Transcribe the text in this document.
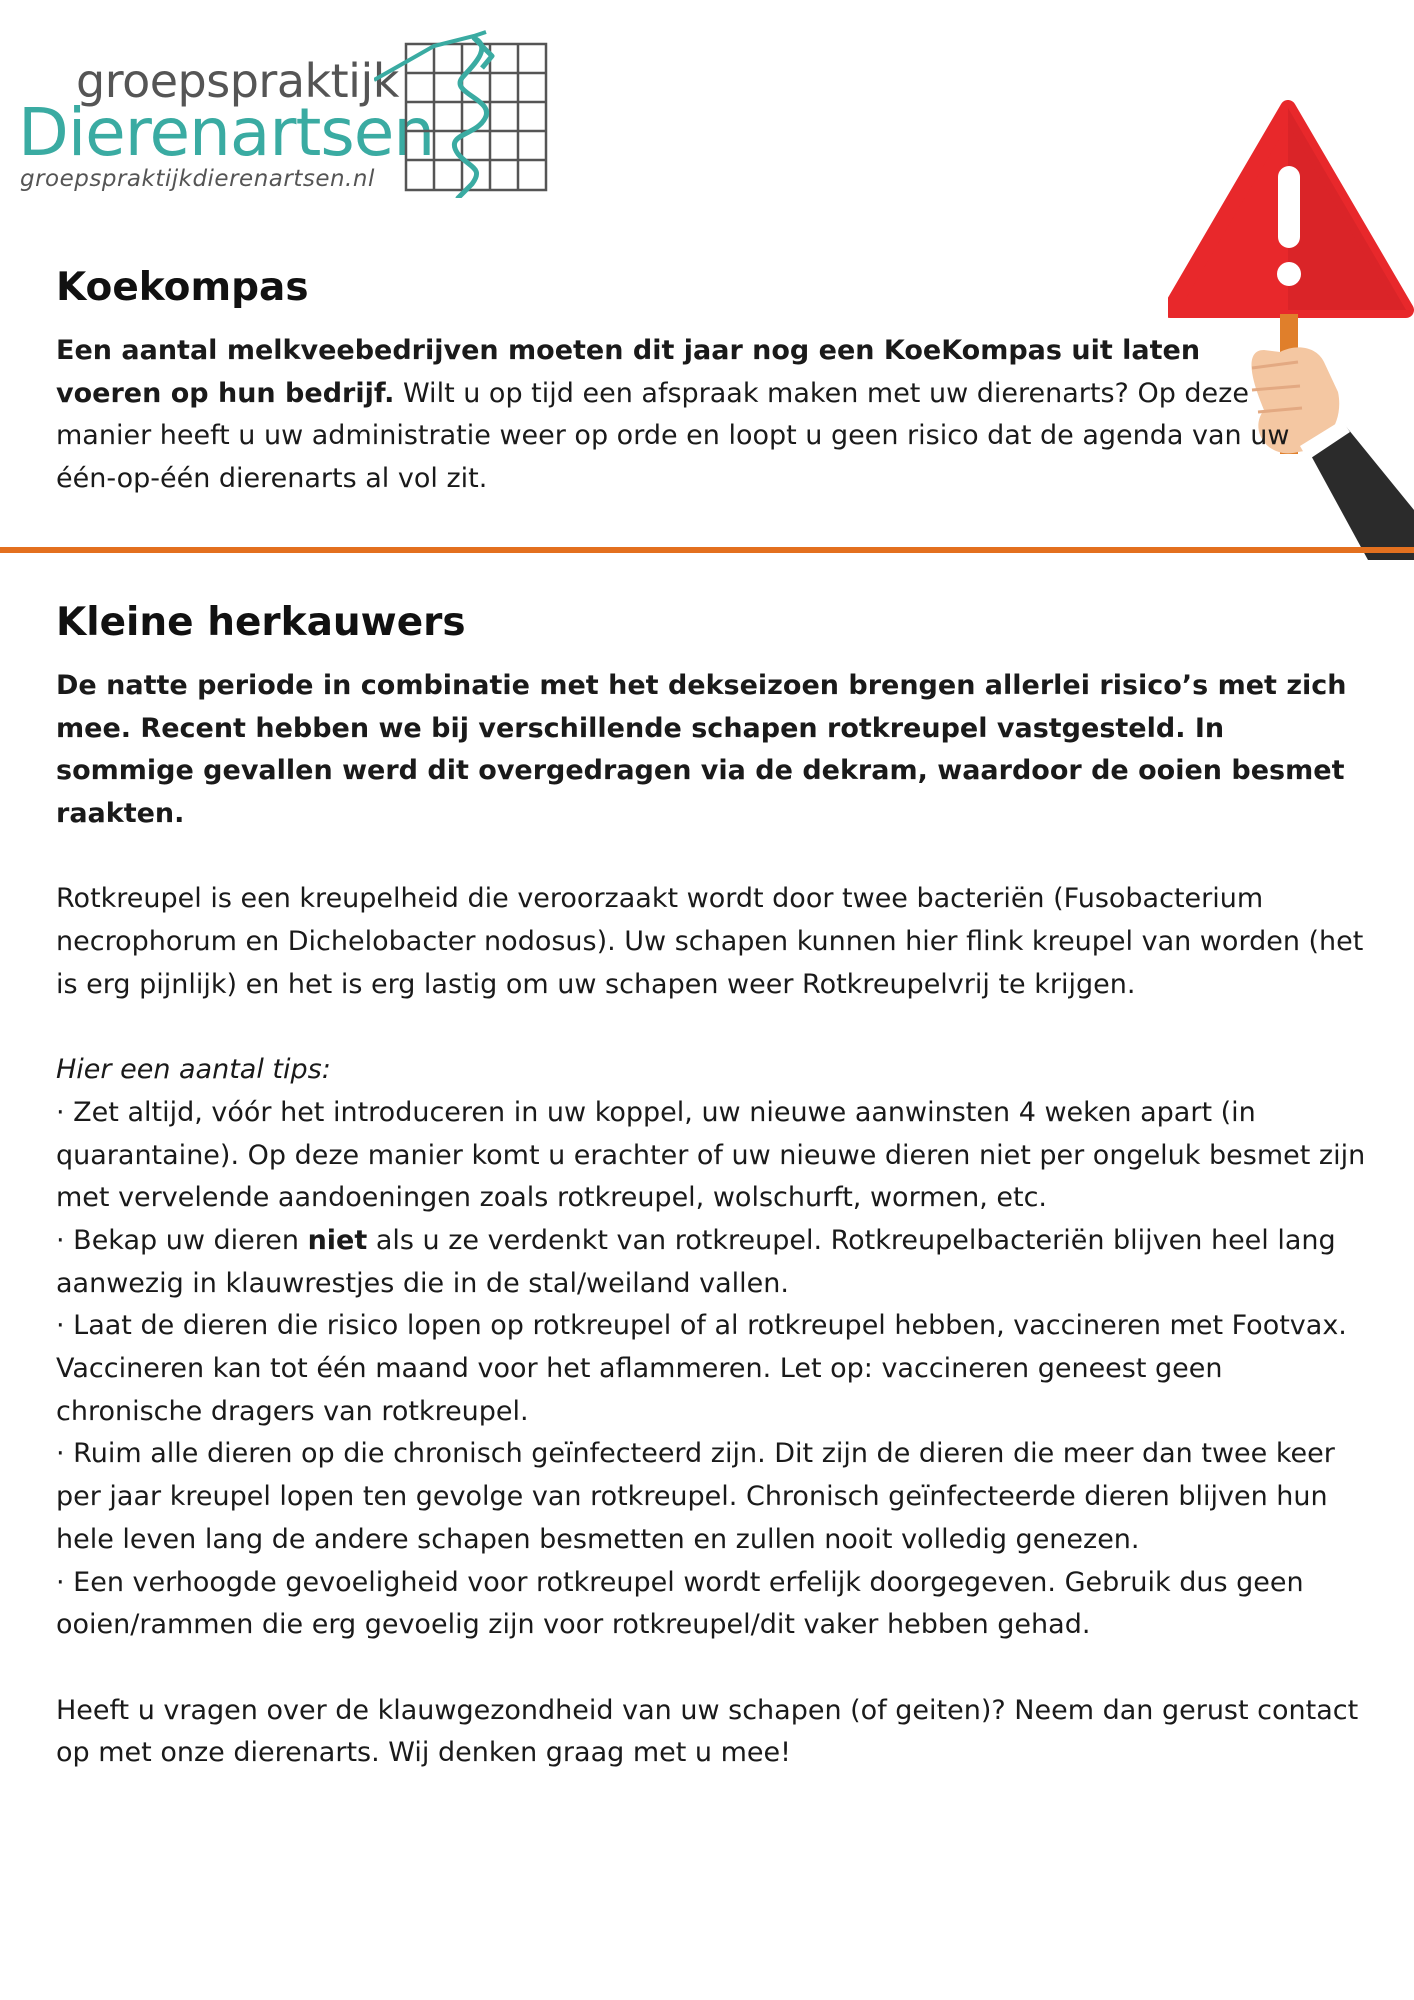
groepspraktijk
Dierenartsen
groepspraktijkdierenartsen.nl
Koekompas

Een aantal melkveebedrijven moeten dit jaar nog een KoeKompas uit laten voeren op hun bedrijf. Wilt u op tijd een afspraak maken met uw dierenarts? Op deze manier heeft u uw administratie weer op orde en loopt u geen risico dat de agenda van uw één-op-één dierenarts al vol zit.

Kleine herkauwers

De natte periode in combinatie met het dekseizoen brengen allerlei risico’s met zich mee. Recent hebben we bij verschillende schapen rotkreupel vastgesteld. In sommige gevallen werd dit overgedragen via de dekram, waardoor de ooien besmet raakten.

Rotkreupel is een kreupelheid die veroorzaakt wordt door twee bacteriën (Fusobacterium necrophorum en Dichelobacter nodosus). Uw schapen kunnen hier flink kreupel van worden (het is erg pijnlijk) en het is erg lastig om uw schapen weer Rotkreupelvrij te krijgen.

Hier een aantal tips:

· Zet altijd, vóór het introduceren in uw koppel, uw nieuwe aanwinsten 4 weken apart (in quarantaine). Op deze manier komt u erachter of uw nieuwe dieren niet per ongeluk besmet zijn met vervelende aandoeningen zoals rotkreupel, wolschurft, wormen, etc.

· Bekap uw dieren niet als u ze verdenkt van rotkreupel. Rotkreupelbacteriën blijven heel lang aanwezig in klauwrestjes die in de stal/weiland vallen.

· Laat de dieren die risico lopen op rotkreupel of al rotkreupel hebben, vaccineren met Footvax. Vaccineren kan tot één maand voor het aflammeren. Let op: vaccineren geneest geen chronische dragers van rotkreupel.

· Ruim alle dieren op die chronisch geïnfecteerd zijn. Dit zijn de dieren die meer dan twee keer per jaar kreupel lopen ten gevolge van rotkreupel. Chronisch geïnfecteerde dieren blijven hun hele leven lang de andere schapen besmetten en zullen nooit volledig genezen.

· Een verhoogde gevoeligheid voor rotkreupel wordt erfelijk doorgegeven. Gebruik dus geen ooien/rammen die erg gevoelig zijn voor rotkreupel/dit vaker hebben gehad.

Heeft u vragen over de klauwgezondheid van uw schapen (of geiten)? Neem dan gerust contact op met onze dierenarts. Wij denken graag met u mee!
